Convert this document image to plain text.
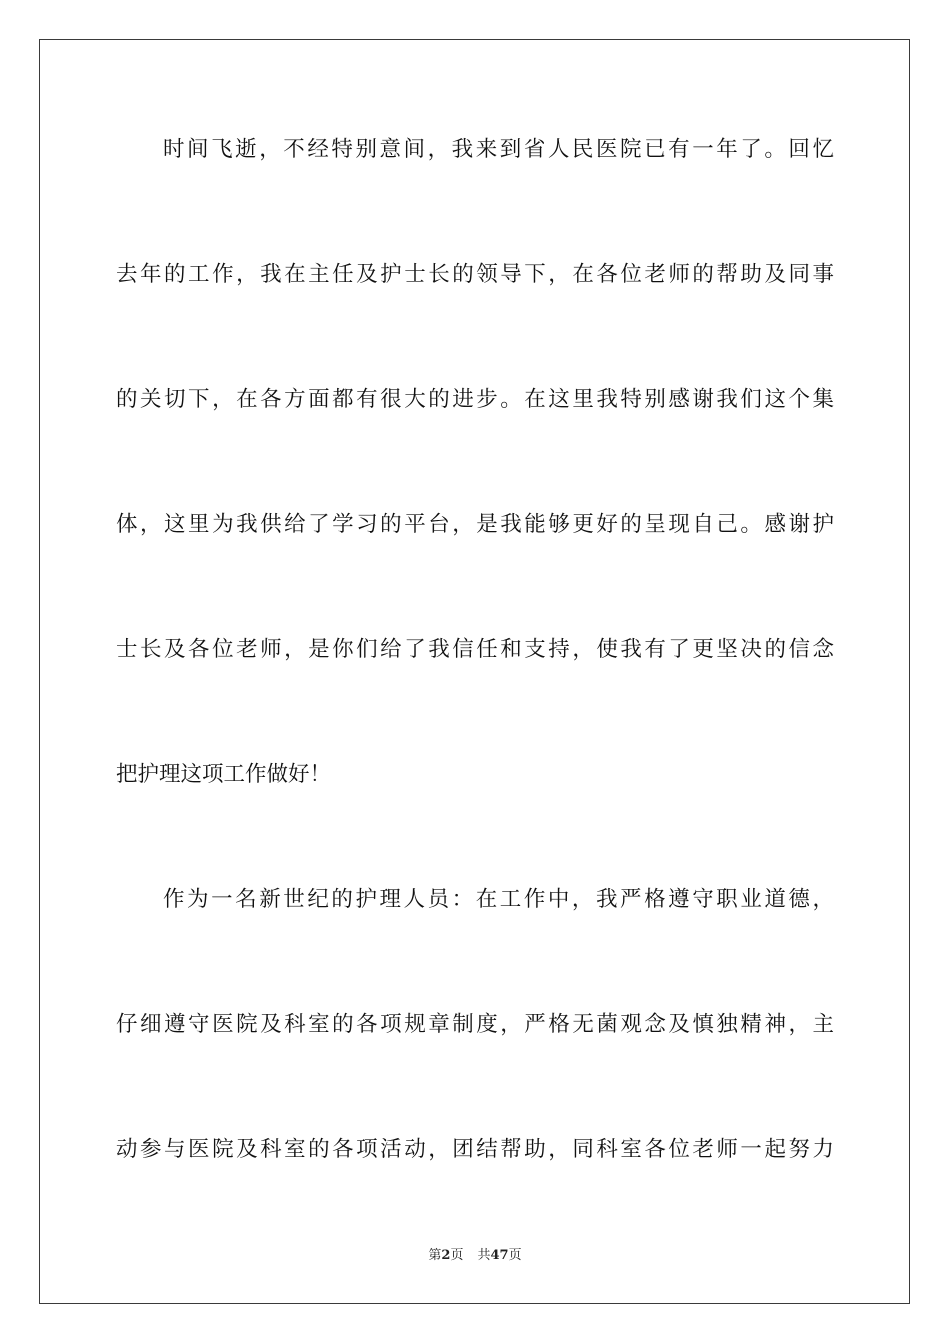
时间飞逝，不经特别意间，我来到省人民医院已有一年了。回忆

去年的工作，我在主任及护士长的领导下，在各位老师的帮助及同事

的关切下，在各方面都有很大的进步。在这里我特别感谢我们这个集

体，这里为我供给了学习的平台，是我能够更好的呈现自己。感谢护

士长及各位老师，是你们给了我信任和支持，使我有了更坚决的信念

把护理这项工作做好！

作为一名新世纪的护理人员：在工作中，我严格遵守职业道德，

仔细遵守医院及科室的各项规章制度，严格无菌观念及慎独精神，主

动参与医院及科室的各项活动，团结帮助，同科室各位老师一起努力

第2页 共47页
